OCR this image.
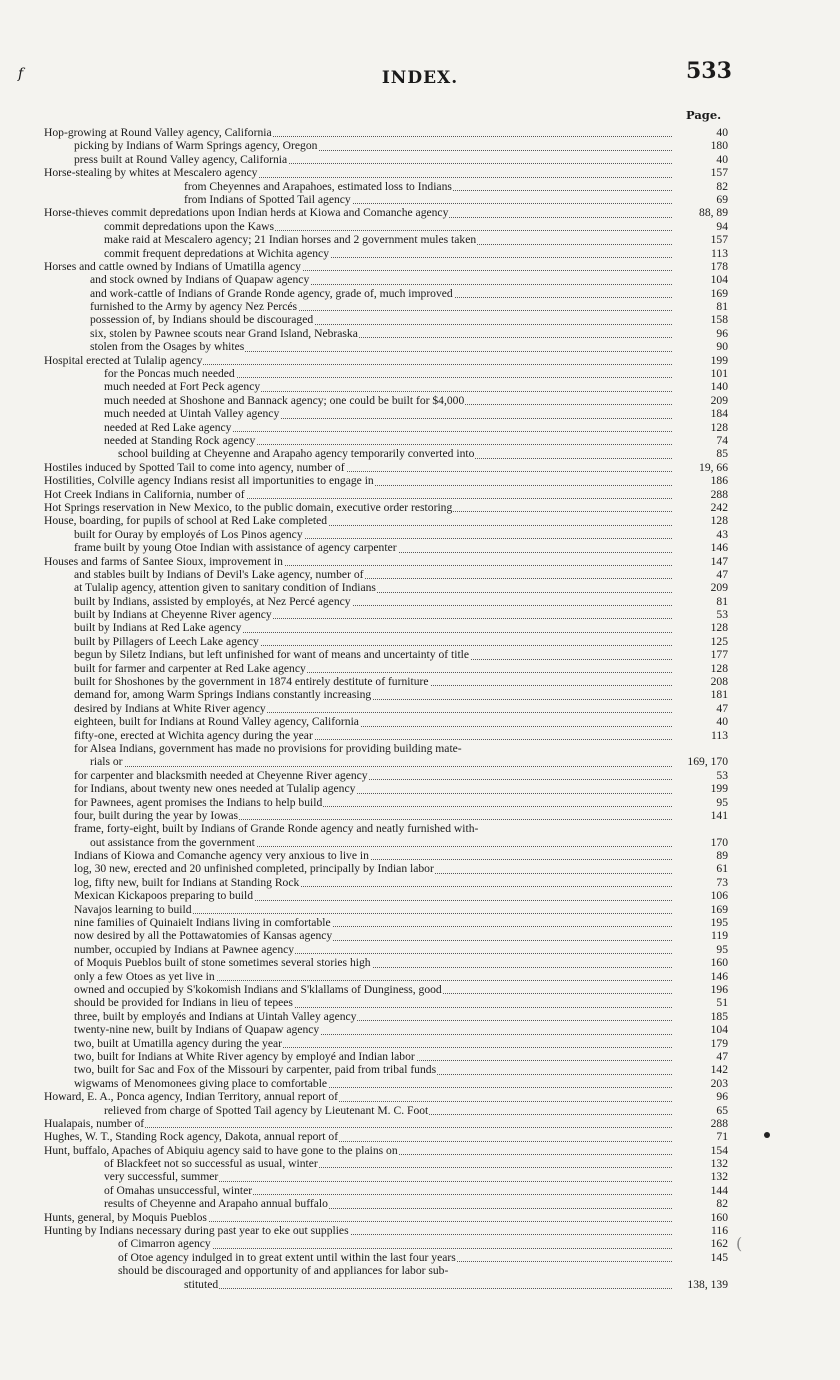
f	INDEX.	533
Page.
Hop-growing at Round Valley agency, California	40
picking by Indians of Warm Springs agency, Oregon	180
press built at Round Valley agency, California	40
Horse-stealing by whites at Mescalero agency	157
from Cheyennes and Arapahoes, estimated loss to Indians	82
from Indians of Spotted Tail agency	69
Horse-thieves commit depredations upon Indian herds at Kiowa and Comanche agency	88, 89
commit depredations upon the Kaws	94
make raid at Mescalero agency; 21 Indian horses and 2 government mules taken	157
commit frequent depredations at Wichita agency	113
Horses and cattle owned by Indians of Umatilla agency	178
and stock owned by Indians of Quapaw agency	104
and work-cattle of Indians of Grande Ronde agency, grade of, much improved	169
furnished to the Army by agency Nez Percés	81
possession of, by Indians should be discouraged	158
six, stolen by Pawnee scouts near Grand Island, Nebraska	96
stolen from the Osages by whites	90
Hospital erected at Tulalip agency	199
for the Poncas much needed	101
much needed at Fort Peck agency	140
much needed at Shoshone and Bannack agency; one could be built for $4,000	209
much needed at Uintah Valley agency	184
needed at Red Lake agency	128
needed at Standing Rock agency	74
school building at Cheyenne and Arapaho agency temporarily converted into	85
Hostiles induced by Spotted Tail to come into agency, number of	19, 66
Hostilities, Colville agency Indians resist all importunities to engage in	186
Hot Creek Indians in California, number of	288
Hot Springs reservation in New Mexico, to the public domain, executive order restoring	242
House, boarding, for pupils of school at Red Lake completed	128
built for Ouray by employés of Los Pinos agency	43
frame built by young Otoe Indian with assistance of agency carpenter	146
Houses and farms of Santee Sioux, improvement in	147
and stables built by Indians of Devil's Lake agency, number of	47
at Tulalip agency, attention given to sanitary condition of Indians	209
built by Indians, assisted by employés, at Nez Percé agency	81
built by Indians at Cheyenne River agency	53
built by Indians at Red Lake agency	128
built by Pillagers of Leech Lake agency	125
begun by Siletz Indians, but left unfinished for want of means and uncertainty of title	177
built for farmer and carpenter at Red Lake agency	128
built for Shoshones by the government in 1874 entirely destitute of furniture	208
demand for, among Warm Springs Indians constantly increasing	181
desired by Indians at White River agency	47
eighteen, built for Indians at Round Valley agency, California	40
fifty-one, erected at Wichita agency during the year	113
for Alsea Indians, government has made no provisions for providing building mate-
rials or	169, 170
for carpenter and blacksmith needed at Cheyenne River agency	53
for Indians, about twenty new ones needed at Tulalip agency	199
for Pawnees, agent promises the Indians to help build	95
four, built during the year by Iowas	141
frame, forty-eight, built by Indians of Grande Ronde agency and neatly furnished with-
out assistance from the government	170
Indians of Kiowa and Comanche agency very anxious to live in	89
log, 30 new, erected and 20 unfinished completed, principally by Indian labor	61
log, fifty new, built for Indians at Standing Rock	73
Mexican Kickapoos preparing to build	106
Navajos learning to build	169
nine families of Quinaielt Indians living in comfortable	195
now desired by all the Pottawatomies of Kansas agency	119
number, occupied by Indians at Pawnee agency	95
of Moquis Pueblos built of stone sometimes several stories high	160
only a few Otoes as yet live in	146
owned and occupied by S'kokomish Indians and S'klallams of Dunginess, good	196
should be provided for Indians in lieu of tepees	51
three, built by employés and Indians at Uintah Valley agency	185
twenty-nine new, built by Indians of Quapaw agency	104
two, built at Umatilla agency during the year	179
two, built for Indians at White River agency by employé and Indian labor	47
two, built for Sac and Fox of the Missouri by carpenter, paid from tribal funds	142
wigwams of Menomonees giving place to comfortable	203
Howard, E. A., Ponca agency, Indian Territory, annual report of	96
relieved from charge of Spotted Tail agency by Lieutenant M. C. Foot	65
Hualapais, number of	288
Hughes, W. T., Standing Rock agency, Dakota, annual report of	71
Hunt, buffalo, Apaches of Abiquiu agency said to have gone to the plains on	154
of Blackfeet not so successful as usual, winter	132
very successful, summer	132
of Omahas unsuccessful, winter	144
results of Cheyenne and Arapaho annual buffalo	82
Hunts, general, by Moquis Pueblos	160
Hunting by Indians necessary during past year to eke out supplies	116
of Cimarron agency	162
of Otoe agency indulged in to great extent until within the last four years	145
should be discouraged and opportunity of and appliances for labor sub-
stituted	138, 139
(
